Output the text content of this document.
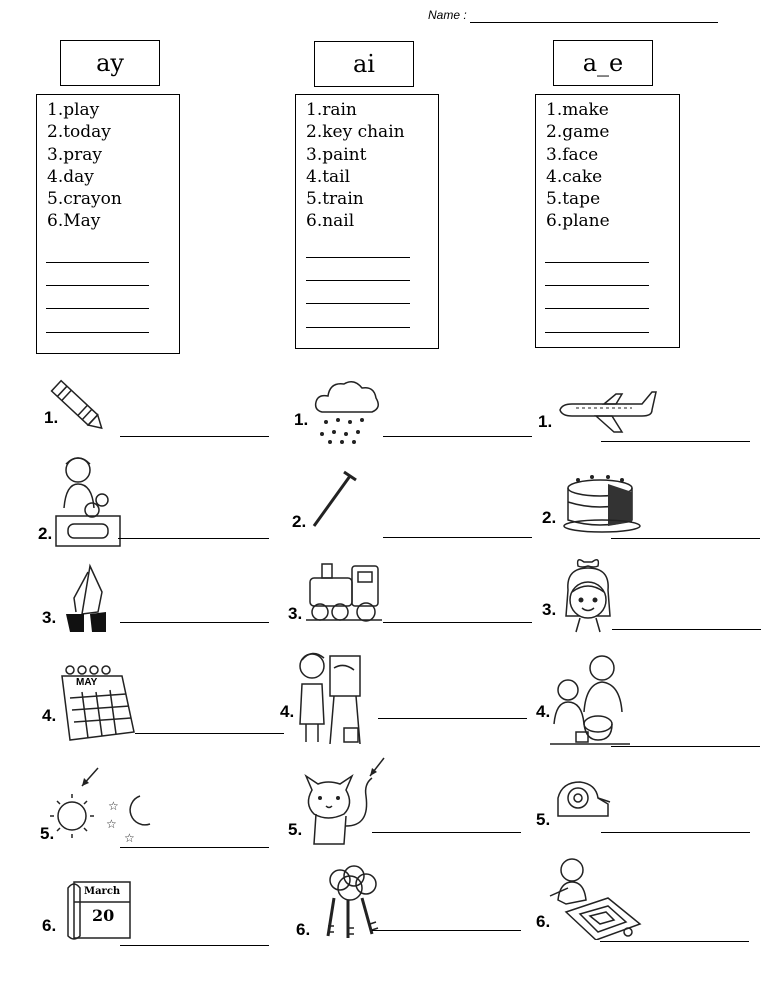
Name :
ay	ai	a_e
1.play
2.today
3.pray
4.day
5.crayon
6.May
1.rain
2.key chain
3.paint
4.tail
5.train
6.nail
1.make
2.game
3.face
4.cake
5.tape
6.plane
1.
2.
3.
4.
MAY
5.
☆
☆
☆
6.
March
20
1.
2.
3.
4.
5.
6.
1.
2.
3.
4.
5.
6.
